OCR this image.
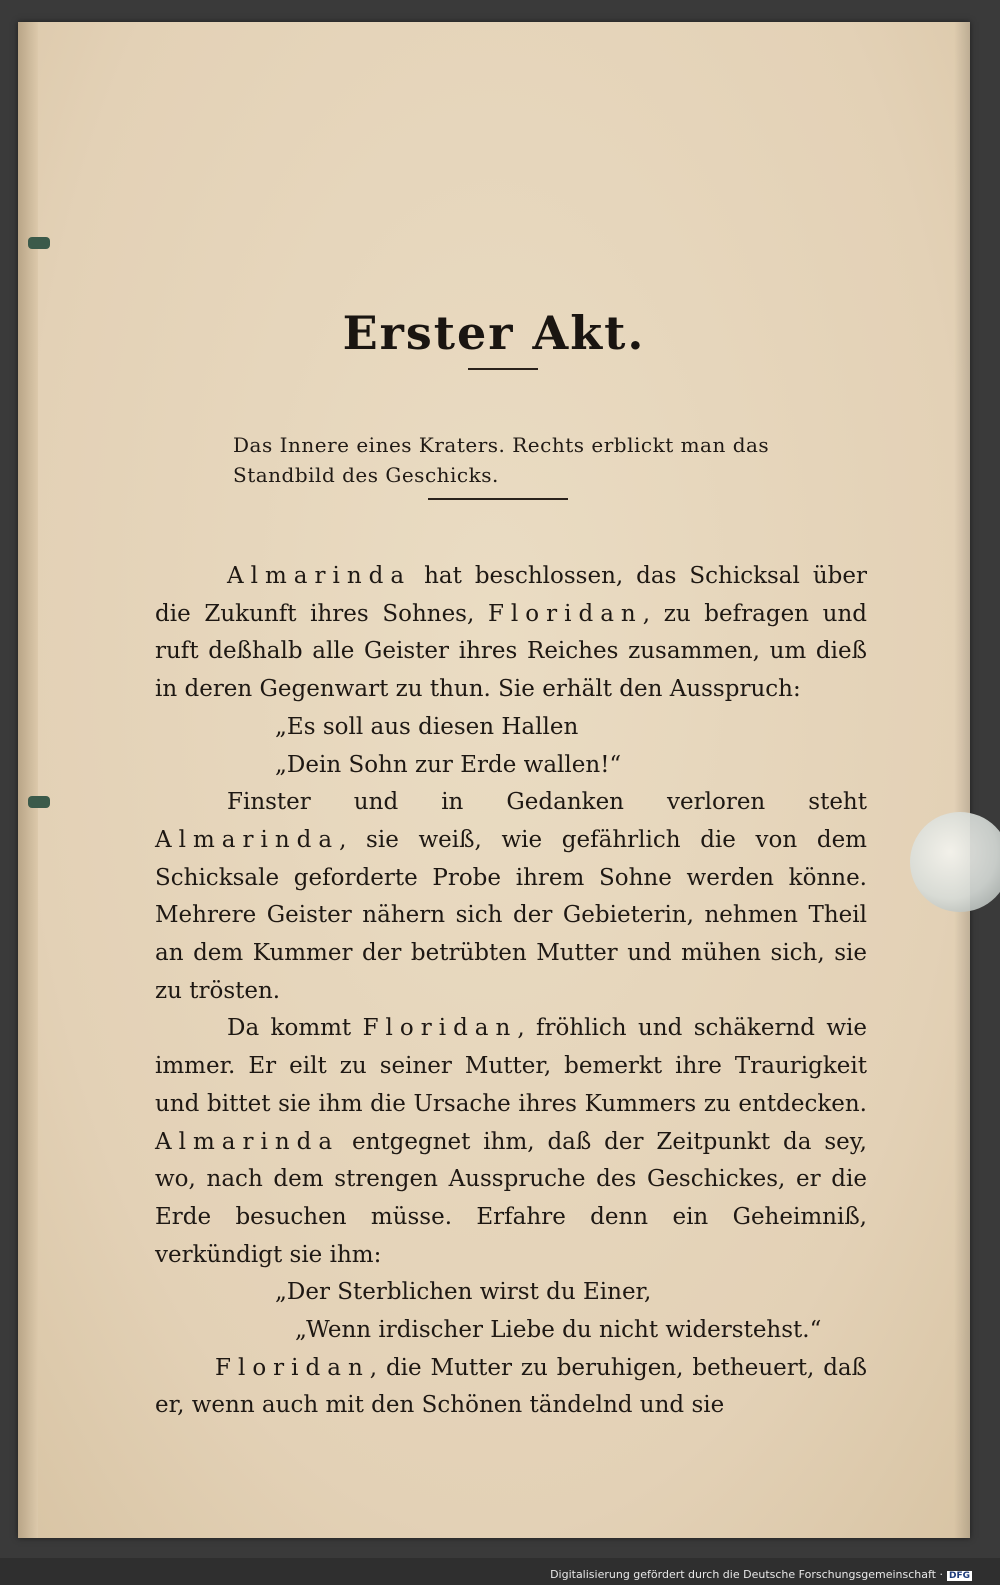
Erster Akt.
Das Innere eines Kraters. Rechts erblickt man das
Standbild des Geschicks.

Almarinda hat beschlossen, das Schicksal über die Zukunft ihres Sohnes, Floridan, zu befragen und ruft deßhalb alle Geister ihres Reiches zusammen, um dieß in deren Gegenwart zu thun. Sie erhält den Ausspruch:

„Es soll aus diesen Hallen

„Dein Sohn zur Erde wallen!“

Finster und in Gedanken verloren steht Almarinda, sie weiß, wie gefährlich die von dem Schicksale geforderte Probe ihrem Sohne werden könne. Mehrere Geister nähern sich der Gebieterin, nehmen Theil an dem Kummer der betrübten Mutter und mühen sich, sie zu trösten.

Da kommt Floridan, fröhlich und schäkernd wie immer. Er eilt zu seiner Mutter, bemerkt ihre Traurigkeit und bittet sie ihm die Ursache ihres Kummers zu entdecken. Almarinda entgegnet ihm, daß der Zeitpunkt da sey, wo, nach dem strengen Ausspruche des Geschickes, er die Erde besuchen müsse. Erfahre denn ein Geheimniß, verkündigt sie ihm:

„Der Sterblichen wirst du Einer,

„Wenn irdischer Liebe du nicht widerstehst.“

Floridan, die Mutter zu beruhigen, betheuert, daß er, wenn auch mit den Schönen tändelnd und sie

Digitalisierung gefördert durch die Deutsche Forschungsgemeinschaft · DFG
